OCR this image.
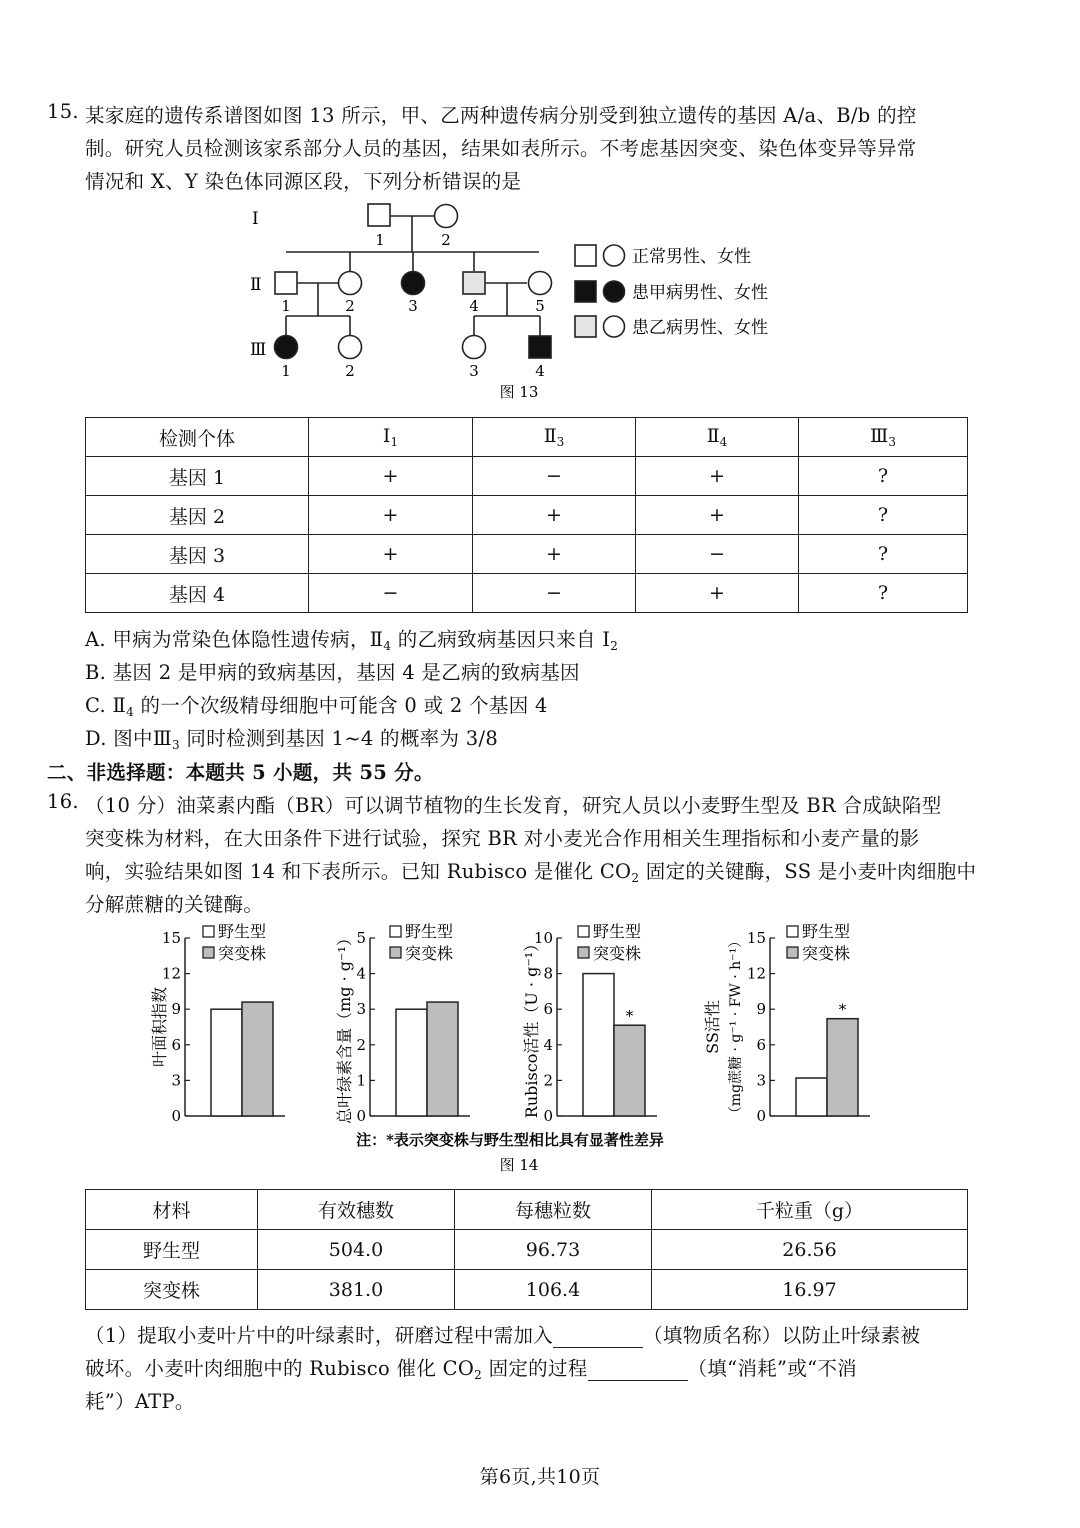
15. 某家庭的遗传系谱图如图 13 所示，甲、乙两种遗传病分别受到独立遗传的基因 A/a、B/b 的控
制。研究人员检测该家系部分人员的基因，结果如表所示。不考虑基因突变、染色体变异等异常
情况和 X、Y 染色体同源区段，下列分析错误的是
I
Ⅱ
Ⅲ
1	2
1	2	3	4	5
1	2	3	4
正常男性、女性
患甲病男性、女性
患乙病男性、女性
图 13
检测个体	$I_1$	$Ⅱ_3$	$Ⅱ_4$	$Ⅲ_3$
基因 1	+	−	+	?
基因 2	+	+	+	?
基因 3	+	+	−	?
基因 4	−	−	+	?
A. 甲病为常染色体隐性遗传病，$Ⅱ_4$ 的乙病致病基因只来自 $I_2$
B. 基因 2 是甲病的致病基因，基因 4 是乙病的致病基因
C. $Ⅱ_4$ 的一个次级精母细胞中可能含 0 或 2 个基因 4
D. 图中$Ⅲ_3$ 同时检测到基因 1~4 的概率为 3/8
二、非选择题：本题共 5 小题，共 55 分。
16. （10 分）油菜素内酯（BR）可以调节植物的生长发育，研究人员以小麦野生型及 BR 合成缺陷型
突变株为材料，在大田条件下进行试验，探究 BR 对小麦光合作用相关生理指标和小麦产量的影
响，实验结果如图 14 和下表所示。已知 Rubisco 是催化 $CO_2$ 固定的关键酶，SS 是小麦叶肉细胞中
分解蔗糖的关键酶。
注：*表示突变株与野生型相比具有显著性差异
图 14
0
3
6
9
12
15 野生型
突变株
叶面积指数
0
1
2
3
4
5 野生型
突变株
总叶绿素含量（mg · g⁻¹）	0
2
4
6
8
10
*
野生型
突变株
Rubisco活性（U · g⁻¹）	0
3
6
9
12
15
*
野生型
突变株
SS活性 （mg蔗糖 · g⁻¹ · FW · h⁻¹）
材料	有效穗数	每穗粒数	千粒重（g）
野生型	504.0	96.73	26.56
突变株	381.0	106.4	16.97
（1）提取小麦叶片中的叶绿素时，研磨过程中需加入	（填物质名称）以防止叶绿素被
破坏。小麦叶肉细胞中的 Rubisco 催化 $CO_2$ 固定的过程	（填“消耗”或“不消
耗”）ATP。
第6页,共10页
